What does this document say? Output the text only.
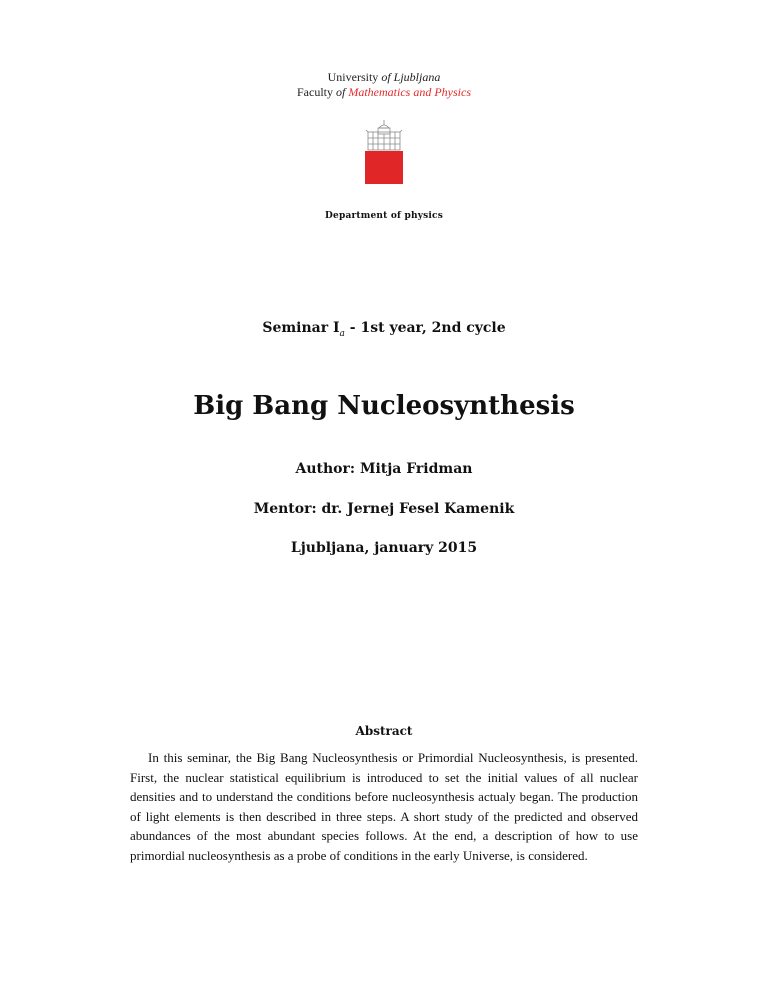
University of Ljubljana
Faculty of Mathematics and Physics
Department of physics
Seminar $I_a - 1st$ year, 2nd cycle
Big Bang Nucleosynthesis
Author: Mitja Fridman
Mentor: dr. Jernej Fesel Kamenik
Ljubljana, january 2015
Abstract
In this seminar, the Big Bang Nucleosynthesis or Primordial Nucleosynthesis, is presented. First, the nuclear statistical equilibrium is introduced to set the initial values of all nuclear densities and to understand the conditions before nucleosynthesis actualy began. The production of light elements is then described in three steps. A short study of the predicted and observed abundances of the most abundant species follows. At the end, a description of how to use primordial nucleosynthesis as a probe of conditions in the early Universe, is considered.
